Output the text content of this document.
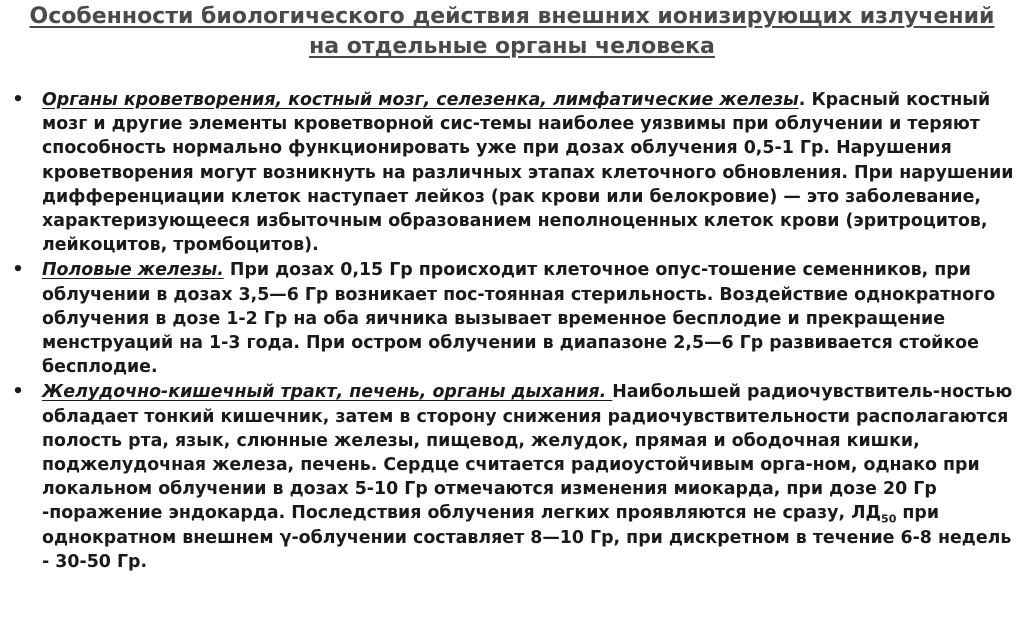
Особенности биологического действия внешних ионизирующих излучений
на отдельные органы человека
• Органы кроветворения, костный мозг, селезенка, лимфатические железы. Красный костный мозг и другие элементы кроветворной сис-темы наиболее уязвимы при облучении и теряют способность нормально функционировать уже при дозах облучения 0,5-1 Гр. Нарушения кроветворения могут возникнуть на различных этапах клеточного обновления. При нарушении дифференциации клеток наступает лейкоз (рак крови или белокровие) — это заболевание, характеризующееся избыточным образованием неполноценных клеток крови (эритроцитов, лейкоцитов, тромбоцитов).
• Половые железы. При дозах 0,15 Гр происходит клеточное опус-тошение семенников, при облучении в дозах 3,5—6 Гр возникает пос-тоянная стерильность. Воздействие однократного облучения в дозе 1-2 Гр на оба яичника вызывает временное бесплодие и прекращение менструаций на 1-3 года. При остром облучении в диапазоне 2,5—6 Гр развивается стойкое бесплодие.
• Желудочно-кишечный тракт, печень, органы дыхания. Наибольшей радиочувствитель-ностью обладает тонкий кишечник, затем в сторону снижения радиочувствительности располагаются полость рта, язык, слюнные железы, пищевод, желудок, прямая и ободочная кишки, поджелудочная железа, печень. Сердце считается радиоустойчивым орга-ном, однако при локальном облучении в дозах 5-10 Гр отмечаются изменения миокарда, при дозе 20 Гр -поражение эндокарда. Последствия облучения легких проявляются не сразу, $ЛД_{50}$ при однократном внешнем γ-облучении составляет 8—10 Гр, при дискретном в течение 6-8 недель - 30-50 Гр.
